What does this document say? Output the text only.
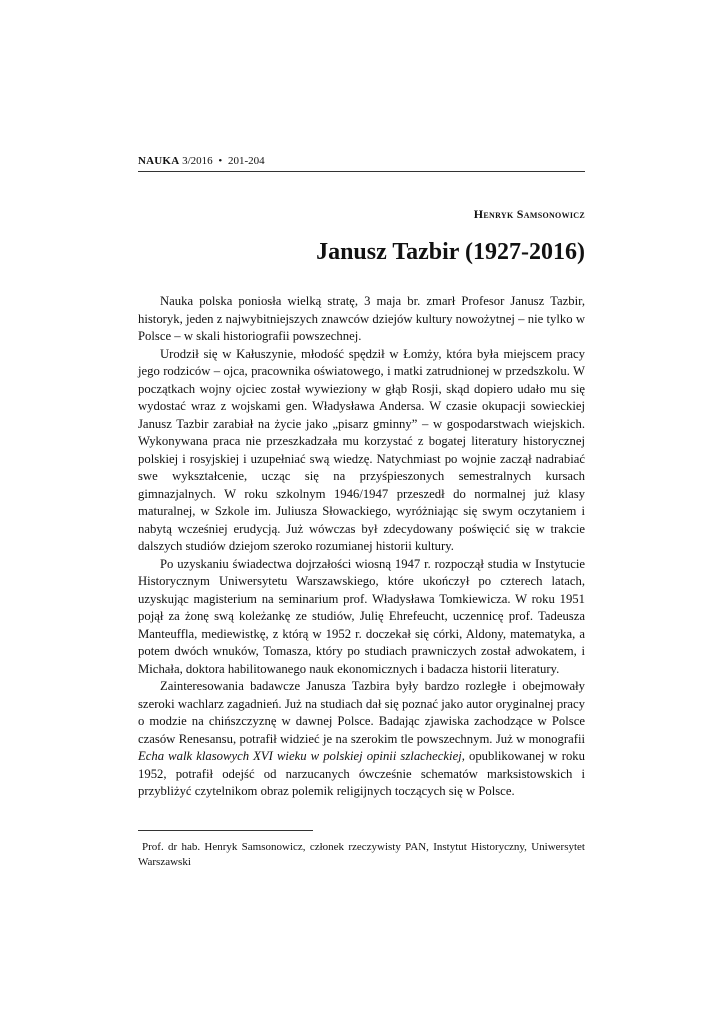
NAUKA 3/2016 • 201-204
Henryk Samsonowicz
Janusz Tazbir (1927-2016)

Nauka polska poniosła wielką stratę, 3 maja br. zmarł Profesor Janusz Tazbir, historyk, jeden z najwybitniejszych znawców dziejów kultury nowożytnej – nie tylko w Polsce – w skali historiografii powszechnej.

Urodził się w Kałuszynie, młodość spędził w Łomży, która była miejscem pracy jego rodziców – ojca, pracownika oświatowego, i matki zatrudnionej w przedszkolu. W początkach wojny ojciec został wywieziony w głąb Rosji, skąd dopiero udało mu się wydostać wraz z wojskami gen. Władysława Andersa. W czasie okupacji sowieckiej Janusz Tazbir zarabiał na życie jako „pisarz gminny” – w gospodarstwach wiejskich. Wykonywana praca nie przeszkadzała mu korzystać z bogatej literatury historycznej polskiej i rosyjskiej i uzupełniać swą wiedzę. Natychmiast po wojnie zaczął nadrabiać swe wykształcenie, ucząc się na przyśpieszonych semestralnych kursach gimnazjalnych. W roku szkolnym 1946/1947 przeszedł do normalnej już klasy maturalnej, w Szkole im. Juliusza Słowackiego, wyróżniając się swym oczytaniem i nabytą wcześniej erudycją. Już wówczas był zdecydowany poświęcić się w trakcie dalszych studiów dziejom szeroko rozumianej historii kultury.

Po uzyskaniu świadectwa dojrzałości wiosną 1947 r. rozpoczął studia w Instytucie Historycznym Uniwersytetu Warszawskiego, które ukończył po czterech latach, uzyskując magisterium na seminarium prof. Władysława Tomkiewicza. W roku 1951 pojął za żonę swą koleżankę ze studiów, Julię Ehrefeucht, uczennicę prof. Tadeusza Manteuffla, mediewistkę, z którą w 1952 r. doczekał się córki, Aldony, matematyka, a potem dwóch wnuków, Tomasza, który po studiach prawniczych został adwokatem, i Michała, doktora habilitowanego nauk ekonomicznych i badacza historii literatury.

Zainteresowania badawcze Janusza Tazbira były bardzo rozległe i obejmowały szeroki wachlarz zagadnień. Już na studiach dał się poznać jako autor oryginalnej pracy o modzie na chińszczyznę w dawnej Polsce. Badając zjawiska zachodzące w Polsce czasów Renesansu, potrafił widzieć je na szerokim tle powszechnym. Już w monografii Echa walk klasowych XVI wieku w polskiej opinii szlacheckiej, opublikowanej w roku 1952, potrafił odejść od narzucanych ówcześnie schematów marksistowskich i przybliżyć czytelnikom obraz polemik religijnych toczących się w Polsce.

Prof. dr hab. Henryk Samsonowicz, członek rzeczywisty PAN, Instytut Historyczny, Uniwersytet Warszawski
